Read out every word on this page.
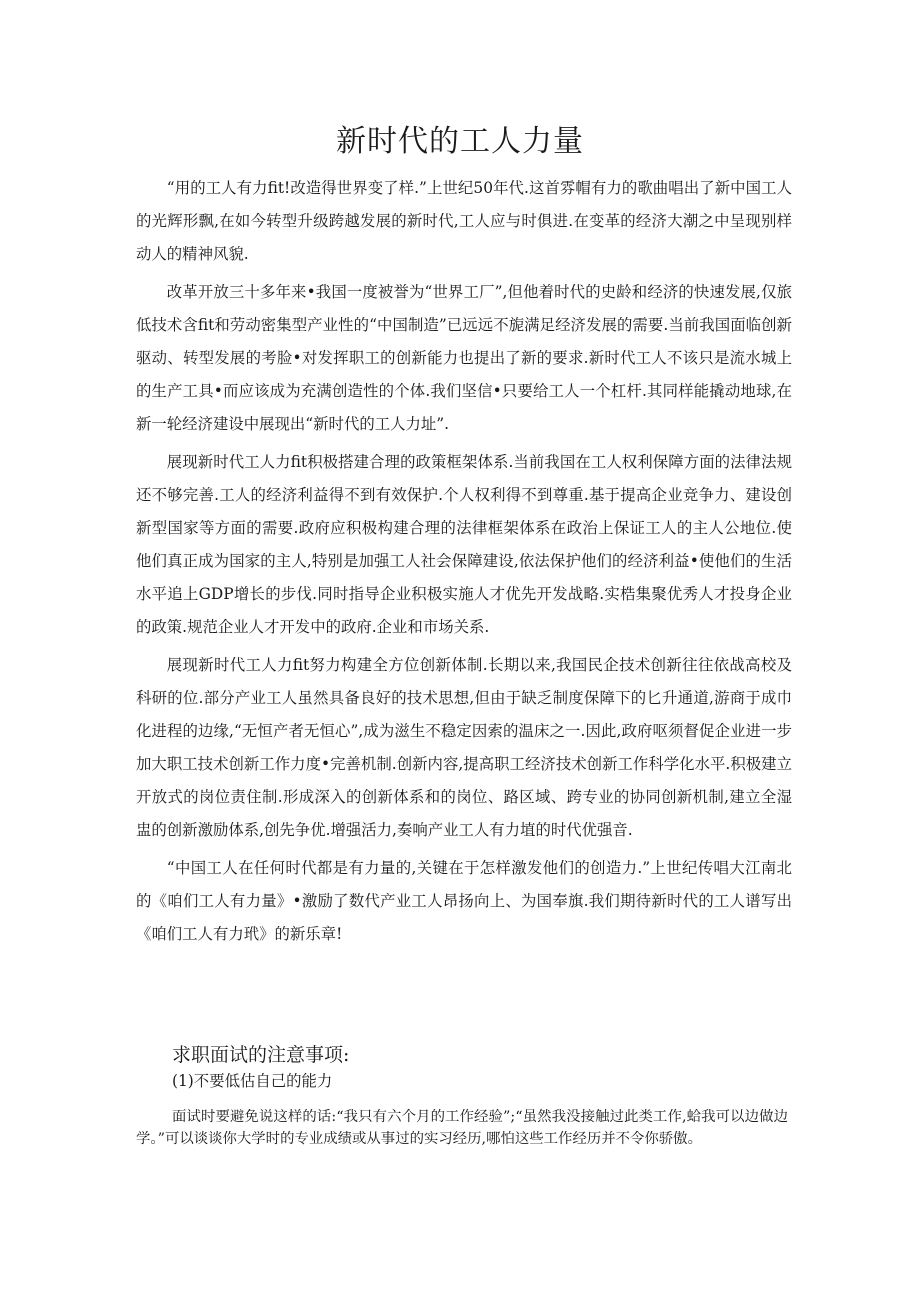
新时代的工人力量

“用的工人有力fit!改造得世界变了样.”上世纪50年代.这首雰帽有力的歌曲唱出了新中国工人的光辉形飘,在如今转型升级跨越发展的新时代,工人应与时俱进.在变革的经济大潮之中呈现别样动人的精神风貌.

改革开放三十多年来•我国一度被誉为“世界工厂”,但他着时代的史龄和经济的快速发展,仅旅低技术含fit和劳动密集型产业性的“中国制造”已远远不旎满足经济发展的需要.当前我国面临创新驱动、转型发展的考脸•对发挥职工的创新能力也提出了新的要求.新时代工人不该只是流水城上的生产工具•而应该成为充满创造性的个体.我们坚信•只要给工人一个杠杆.其同样能撬动地球,在新一轮经济建设中展现出“新时代的工人力址”.

展现新时代工人力fit积极搭建合理的政策框架体系.当前我国在工人权利保障方面的法律法规还不够完善.工人的经济利益得不到有效保护.个人权利得不到尊重.基于提高企业竞争力、建设创新型国家等方面的需要.政府应积极构建合理的法律框架体系在政治上保证工人的主人公地位.使他们真正成为国家的主人,特别是加强工人社会保障建设,依法保护他们的经济利益•使他们的生活水平追上GDP增长的步伐.同时指导企业积极实施人才优先开发战略.实梏集聚优秀人才投身企业的政策.规范企业人才开发中的政府.企业和市场关系.

展现新时代工人力fit努力构建全方位创新体制.长期以来,我国民企技术创新往往依战高校及科研的位.部分产业工人虽然具备良好的技术思想,但由于缺乏制度保障下的匕升通道,游商于成巾化进程的边缘,“无恒产者无恒心”,成为滋生不稳定因索的温床之一.因此,政府呕须督促企业进一步加大职工技术创新工作力度•完善机制.创新内容,提高职工经济技术创新工作科学化水平.积极建立开放式的岗位责住制.形成深入的创新体系和的岗位、路区域、跨专业的协同创新机制,建立全湿盅的创新激励体系,创先争优.增强活力,奏响产业工人有力埴的时代优强音.

“中国工人在任何时代都是有力量的,关键在于怎样激发他们的创造力.”上世纪传唱大江南北的《咱们工人有力量》•激励了数代产业工人昂扬向上、为国奉旗.我们期待新时代的工人谱写出《咱们工人有力玳》的新乐章!

求职面试的注意事项:

(1)不要低估自己的能力

面试时要避免说这样的话:“我只有六个月的工作经验”;“虽然我没接触过此类工作,蛤我可以边做边学。”可以谈谈你大学时的专业成绩或从事过的实习经历,哪怕这些工作经历并不令你骄傲。
